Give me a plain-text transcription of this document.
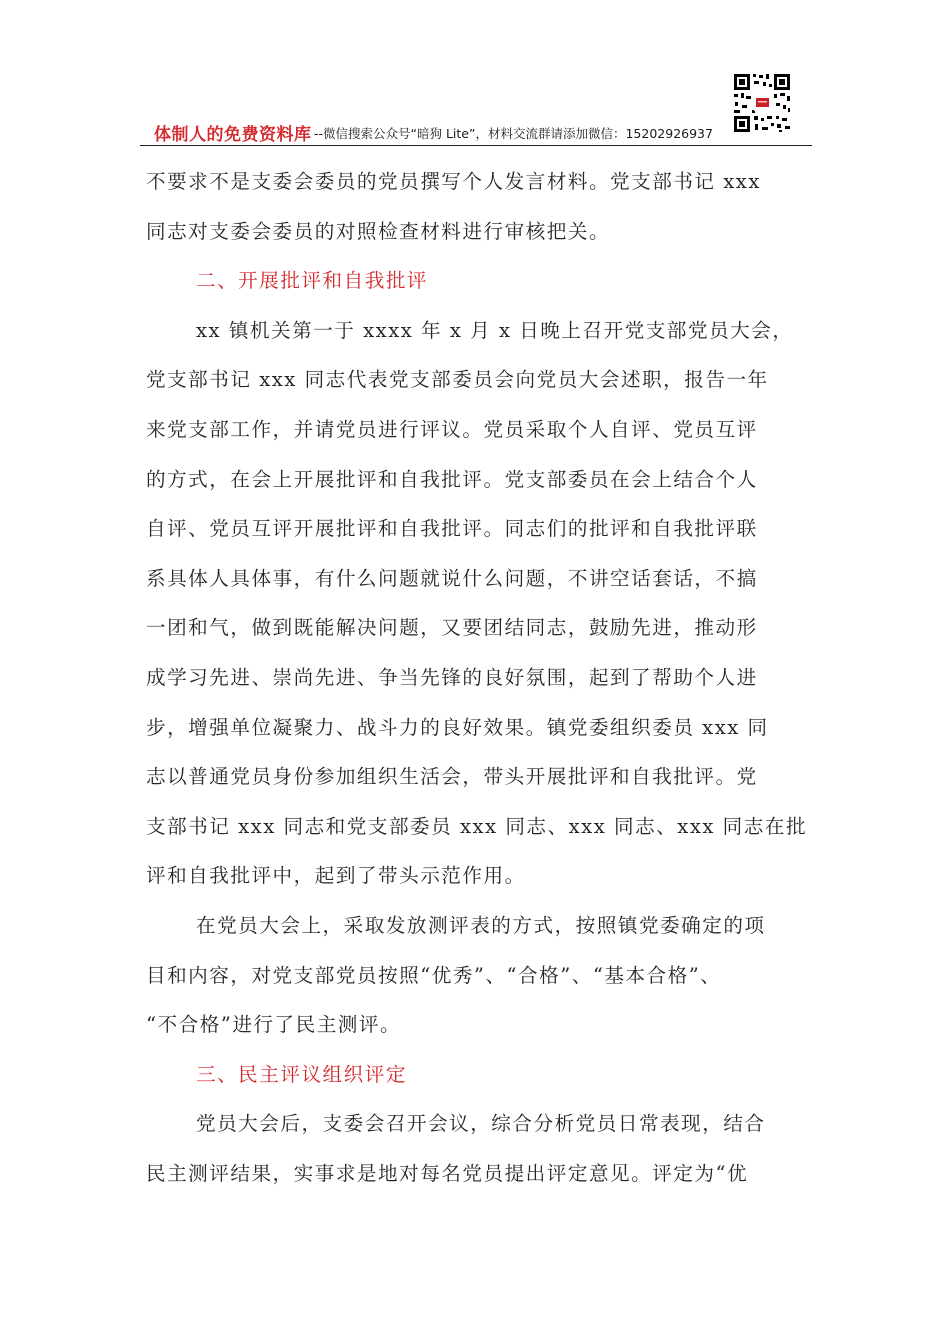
体制人的免费资料库 --微信搜索公众号“暗狗 Lite”，材料交流群请添加微信：15202926937
不要求不是支委会委员的党员撰写个人发言材料。党支部书记 xxx
同志对支委会委员的对照检查材料进行审核把关。
二、开展批评和自我批评
xx 镇机关第一于 xxxx 年 x 月 x 日晚上召开党支部党员大会，
党支部书记 xxx 同志代表党支部委员会向党员大会述职，报告一年
来党支部工作，并请党员进行评议。党员采取个人自评、党员互评
的方式，在会上开展批评和自我批评。党支部委员在会上结合个人
自评、党员互评开展批评和自我批评。同志们的批评和自我批评联
系具体人具体事，有什么问题就说什么问题，不讲空话套话，不搞
一团和气，做到既能解决问题，又要团结同志，鼓励先进，推动形
成学习先进、崇尚先进、争当先锋的良好氛围，起到了帮助个人进
步，增强单位凝聚力、战斗力的良好效果。镇党委组织委员 xxx 同
志以普通党员身份参加组织生活会，带头开展批评和自我批评。党
支部书记 xxx 同志和党支部委员 xxx 同志、xxx 同志、xxx 同志在批
评和自我批评中，起到了带头示范作用。
在党员大会上，采取发放测评表的方式，按照镇党委确定的项
目和内容，对党支部党员按照“优秀”、“合格”、“基本合格”、
“不合格”进行了民主测评。
三、民主评议组织评定
党员大会后，支委会召开会议，综合分析党员日常表现，结合
民主测评结果，实事求是地对每名党员提出评定意见。评定为“优
